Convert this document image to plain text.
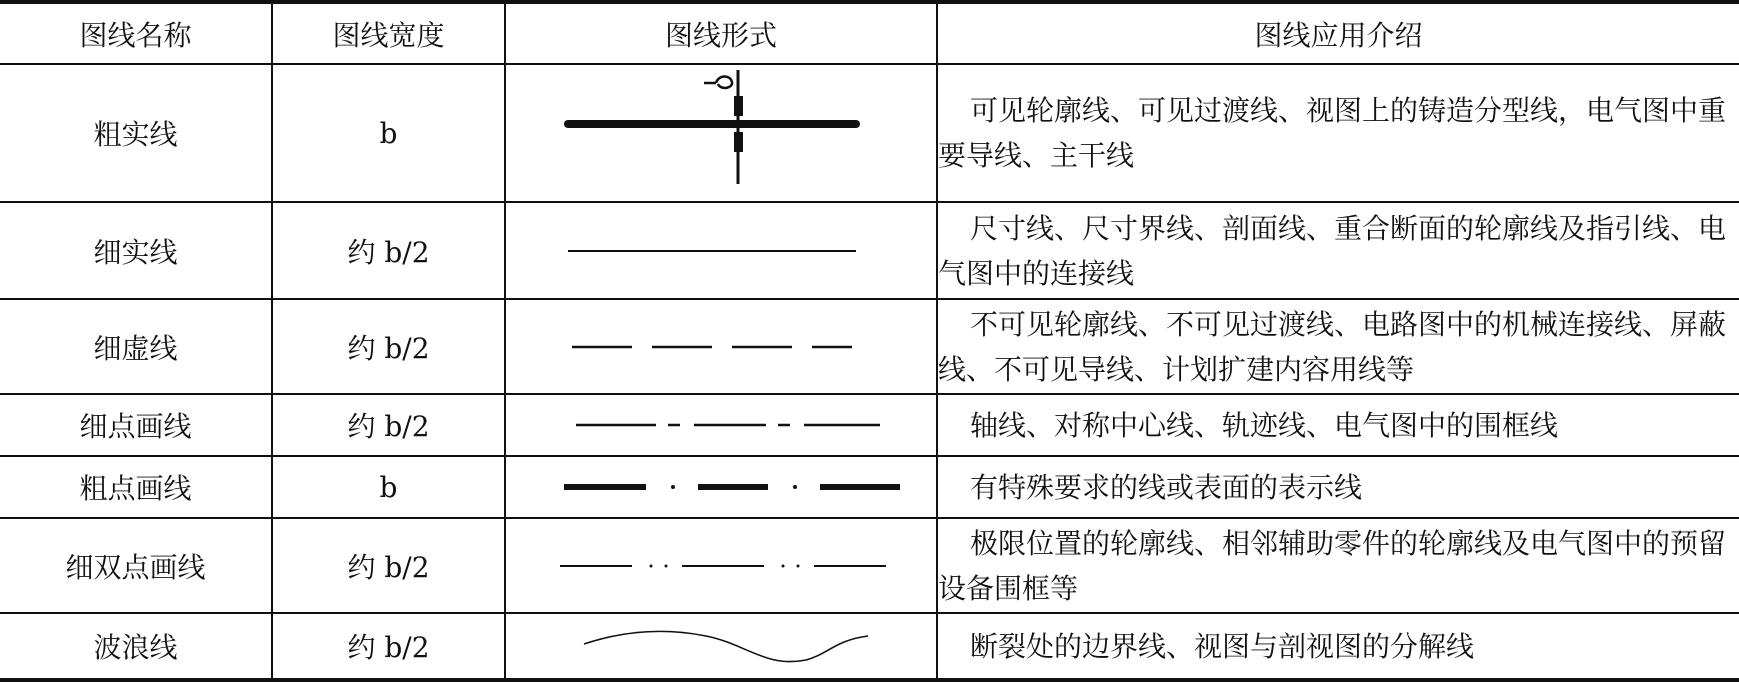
图线名称	图线宽度	图线形式	图线应用介绍
粗实线	b		可见轮廓线、可见过渡线、视图上的铸造分型线，电气图中重要导线、主干线

细实线	约 b/2		尺寸线、尺寸界线、剖面线、重合断面的轮廓线及指引线、电气图中的连接线

细虚线	约 b/2		不可见轮廓线、不可见过渡线、电路图中的机械连接线、屏蔽线、不可见导线、计划扩建内容用线等

细点画线	约 b/2		轴线、对称中心线、轨迹线、电气图中的围框线

粗点画线	b		有特殊要求的线或表面的表示线

细双点画线	约 b/2		极限位置的轮廓线、相邻辅助零件的轮廓线及电气图中的预留设备围框等

波浪线	约 b/2		断裂处的边界线、视图与剖视图的分解线
